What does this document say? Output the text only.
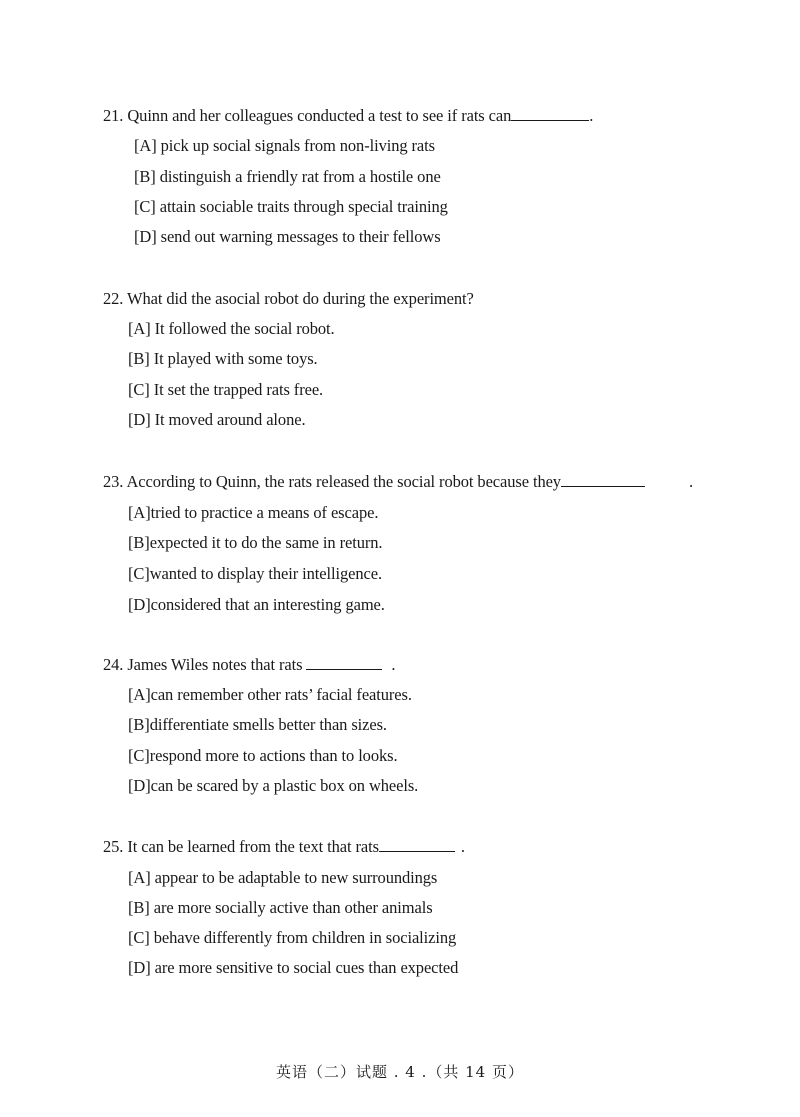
21. Quinn and her colleagues conducted a test to see if rats can	.
[A] pick up social signals from non-living rats
[B] distinguish a friendly rat from a hostile one
[C] attain sociable traits through special training
[D] send out warning messages to their fellows
22. What did the asocial robot do during the experiment?
[A] It followed the social robot.
[B] It played with some toys.
[C] It set the trapped rats free.
[D] It moved around alone.
23. According to Quinn, the rats released the social robot because they	.
[A]tried to practice a means of escape.
[B]expected it to do the same in return.
[C]wanted to display their intelligence.
[D]considered that an interesting game.
24. James Wiles notes that rats	.
[A]can remember other rats’ facial features.
[B]differentiate smells better than sizes.
[C]respond more to actions than to looks.
[D]can be scared by a plastic box on wheels.
25. It can be learned from the text that rats	.
[A] appear to be adaptable to new surroundings
[B] are more socially active than other animals
[C] behave differently from children in socializing
[D] are more sensitive to social cues than expected
英语（二）试题 . 4 .（共 14 页）
